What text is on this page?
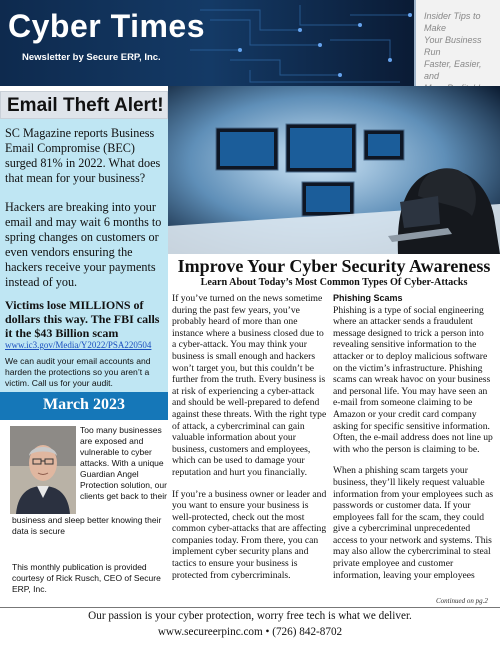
Cyber Times
Newsletter by Secure ERP, Inc.
Insider Tips to Make
Your Business Run
Faster, Easier, and
Email Theft Alert!

SC Magazine reports Business Email Compromise (BEC) surged 81% in 2022. What does that mean for your business?

Hackers are breaking into your email and may wait 6 months to spring changes on customers or even vendors ensuring the hackers receive your payments instead of you.

Victims lose MILLIONS of dollars this way. The FBI calls it the $43 Billion scam

www.ic3.gov/Media/Y2022/PSA220504

We can audit your email accounts and harden the protections so you aren’t a victim. Call us for your audit.

March 2023
Too many businesses are exposed and vulnerable to cyber attacks. With a unique Guardian Angel Protection solution, our clients get back to their
business and sleep better knowing their data is secure
This monthly publication is provided courtesy of Rick Rusch, CEO of Secure ERP, Inc.
Improve Your Cyber Security Awareness
Learn About Today’s Most Common Types Of Cyber-Attacks

If you’ve turned on the news sometime during the past few years, you’ve probably heard of more than one instance where a business closed due to a cyber-attack. You may think your business is small enough and hackers won’t target you, but this couldn’t be further from the truth. Every business is at risk of experiencing a cyber-attack and should be well-prepared to defend against these threats. With the right type of attack, a cybercriminal can gain valuable information about your business, customers and employees, which can be used to damage your reputation and hurt you financially.

If you’re a business owner or leader and you want to ensure your business is well-protected, check out the most common cyber-attacks that are affecting companies today. From there, you can implement cyber security plans and tactics to ensure your business is protected from cybercriminals.

Phishing Scams

Phishing is a type of social engineering where an attacker sends a fraudulent message designed to trick a person into revealing sensitive information to the attacker or to deploy malicious software on the victim’s infrastructure. Phishing scams can wreak havoc on your business and personal life. You may have seen an e-mail from someone claiming to be Amazon or your credit card company asking for specific sensitive information. Often, the e-mail address does not line up with who the person is claiming to be.

When a phishing scam targets your business, they’ll likely request valuable information from your employees such as passwords or customer data. If your employees fall for the scam, they could give a cybercriminal unprecedented access to your network and systems. This may also allow the cybercriminal to steal private employee and customer information, leaving your employees

Continued on pg.2
Our passion is your cyber protection, worry free tech is what we deliver.
www.secureerpinc.com • (726) 842-8702
